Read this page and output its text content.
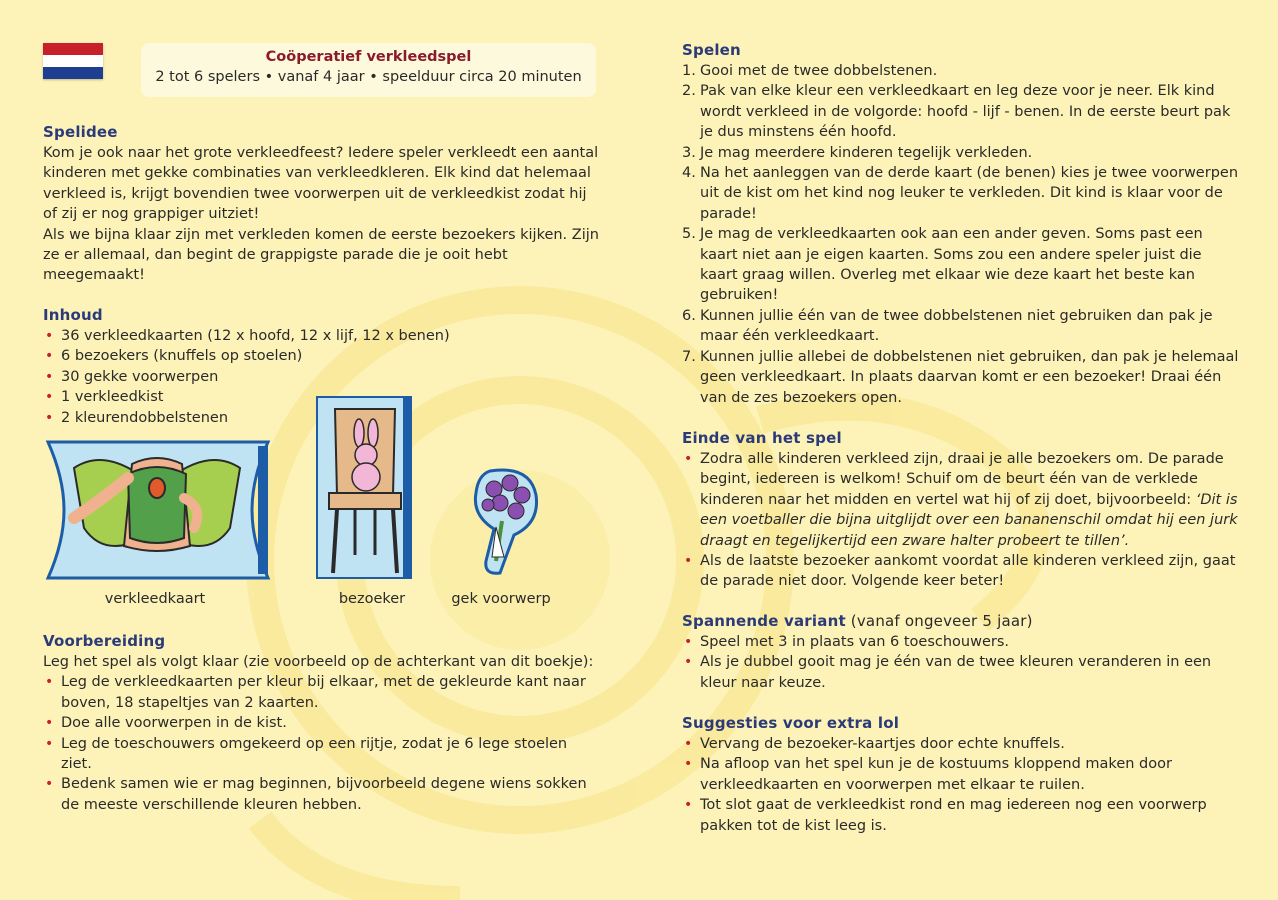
Coöperatief verkleedspel
2 tot 6 spelers • vanaf 4 jaar • speelduur circa 20 minuten
Spelidee

Kom je ook naar het grote verkleedfeest? Iedere speler verkleedt een aantal kinderen met gekke combinaties van verkleedkleren. Elk kind dat helemaal verkleed is, krijgt bovendien twee voorwerpen uit de verkleedkist zodat hij of zij er nog grappiger uitziet!

Als we bijna klaar zijn met verkleden komen de eerste bezoekers kijken. Zijn ze er allemaal, dan begint de grappigste parade die je ooit hebt meegemaakt!

Inhoud
• 36 verkleedkaarten (12 x hoofd, 12 x lijf, 12 x benen)
• 6 bezoekers (knuffels op stoelen)
• 30 gekke voorwerpen
• 1 verkleedkist
• 2 kleurendobbelstenen
verkleedkaart	bezoeker	gek voorwerp
Voorbereiding

Leg het spel als volgt klaar (zie voorbeeld op de achterkant van dit boekje):

• Leg de verkleedkaarten per kleur bij elkaar, met de gekleurde kant naar boven, 18 stapeltjes van 2 kaarten.
• Doe alle voorwerpen in de kist.
• Leg de toeschouwers omgekeerd op een rijtje, zodat je 6 lege stoelen ziet.
• Bedenk samen wie er mag beginnen, bijvoorbeeld degene wiens sokken de meeste verschillende kleuren hebben.
Spelen
1. Gooi met de twee dobbelstenen.
2. Pak van elke kleur een verkleedkaart en leg deze voor je neer. Elk kind wordt verkleed in de volgorde: hoofd - lijf - benen. In de eerste beurt pak je dus minstens één hoofd.
3. Je mag meerdere kinderen tegelijk verkleden.
4. Na het aanleggen van de derde kaart (de benen) kies je twee voorwerpen uit de kist om het kind nog leuker te verkleden. Dit kind is klaar voor de parade!
5. Je mag de verkleedkaarten ook aan een ander geven. Soms past een kaart niet aan je eigen kaarten. Soms zou een andere speler juist die kaart graag willen. Overleg met elkaar wie deze kaart het beste kan gebruiken!
6. Kunnen jullie één van de twee dobbelstenen niet gebruiken dan pak je maar één verkleedkaart.
7. Kunnen jullie allebei de dobbelstenen niet gebruiken, dan pak je helemaal geen verkleedkaart. In plaats daarvan komt er een bezoeker! Draai één van de zes bezoekers open.
Einde van het spel
• Zodra alle kinderen verkleed zijn, draai je alle bezoekers om. De parade begint, iedereen is welkom! Schuif om de beurt één van de verklede kinderen naar het midden en vertel wat hij of zij doet, bijvoorbeeld: ‘Dit is een voetballer die bijna uitglijdt over een bananenschil omdat hij een jurk draagt en tegelijkertijd een zware halter probeert te tillen’.
• Als de laatste bezoeker aankomt voordat alle kinderen verkleed zijn, gaat de parade niet door. Volgende keer beter!
Spannende variant (vanaf ongeveer 5 jaar)
• Speel met 3 in plaats van 6 toeschouwers.
• Als je dubbel gooit mag je één van de twee kleuren veranderen in een kleur naar keuze.
Suggesties voor extra lol
• Vervang de bezoeker-kaartjes door echte knuffels.
• Na afloop van het spel kun je de kostuums kloppend maken door verkleedkaarten en voorwerpen met elkaar te ruilen.
• Tot slot gaat de verkleedkist rond en mag iedereen nog een voorwerp pakken tot de kist leeg is.
